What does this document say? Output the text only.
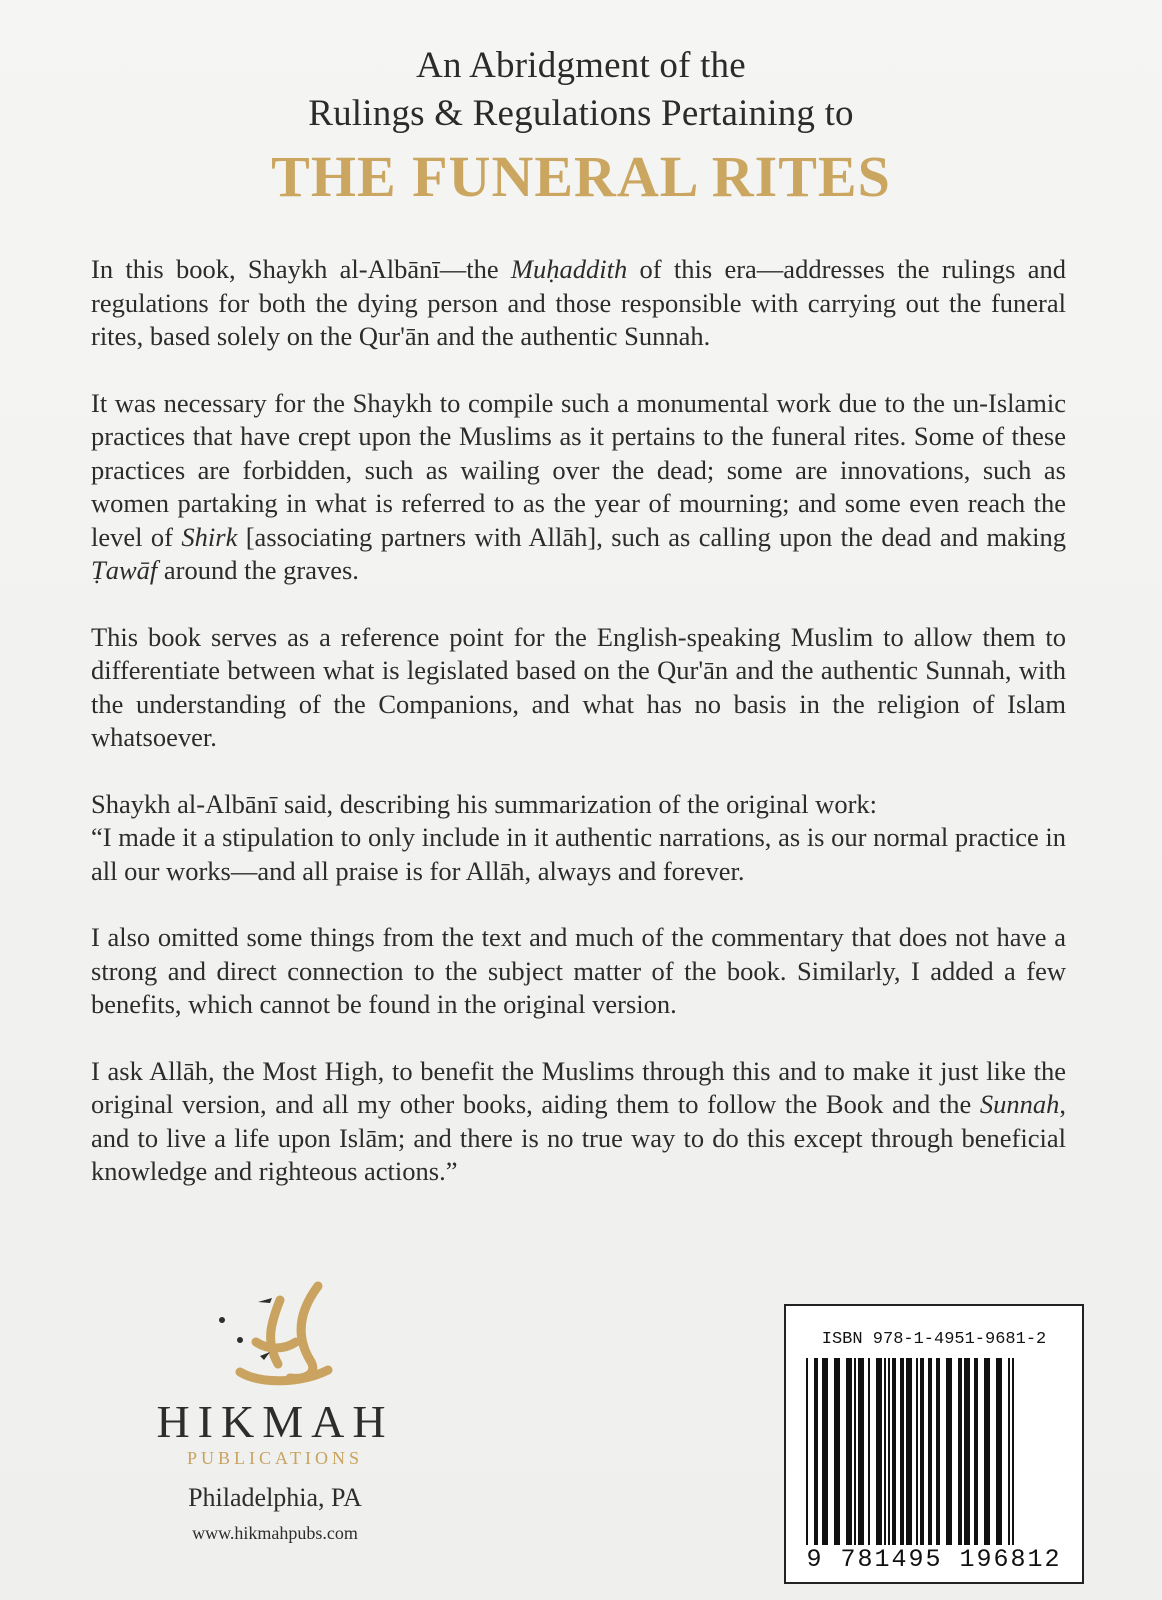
An Abridgment of the
Rulings & Regulations Pertaining to
THE FUNERAL RITES

In this book, Shaykh al-Albānī—the Muḥaddith of this era—addresses the rulings and regulations for both the dying person and those responsible with carrying out the funeral rites, based solely on the Qur'ān and the authentic Sunnah.

It was necessary for the Shaykh to compile such a monumental work due to the un-Islamic practices that have crept upon the Muslims as it pertains to the funeral rites. Some of these practices are forbidden, such as wailing over the dead; some are innovations, such as women partaking in what is referred to as the year of mourning; and some even reach the level of Shirk [associating partners with Allāh], such as calling upon the dead and making Ṭawāf around the graves.

This book serves as a reference point for the English-speaking Muslim to allow them to differentiate between what is legislated based on the Qur'ān and the authentic Sunnah, with the understanding of the Companions, and what has no basis in the religion of Islam whatsoever.

Shaykh al-Albānī said, describing his summarization of the original work:
“I made it a stipulation to only include in it authentic narrations, as is our normal practice in all our works—and all praise is for Allāh, always and forever.

I also omitted some things from the text and much of the commentary that does not have a strong and direct connection to the subject matter of the book. Similarly, I added a few benefits, which cannot be found in the original version.

I ask Allāh, the Most High, to benefit the Muslims through this and to make it just like the original version, and all my other books, aiding them to follow the Book and the Sunnah, and to live a life upon Islām; and there is no true way to do this except through beneficial knowledge and righteous actions.”

HIKMAH
PUBLICATIONS
Philadelphia, PA
www.hikmahpubs.com
ISBN 978-1-4951-9681-2
9 781495 196812
